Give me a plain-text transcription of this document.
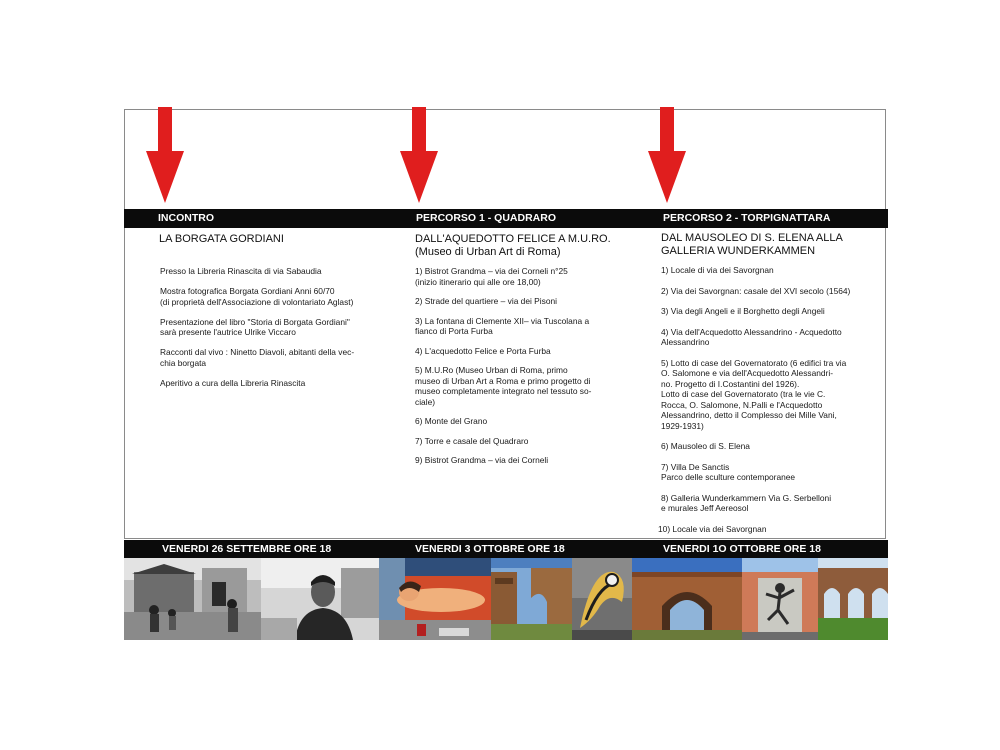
INCONTRO	PERCORSO 1 - QUADRARO	PERCORSO 2 - TORPIGNATTARA
LA BORGATA GORDIANI	DALL'AQUEDOTTO FELICE A M.U.RO.
(Museo di Urban Art di Roma)
DAL MAUSOLEO DI S. ELENA ALLA
GALLERIA WUNDERKAMMEN
Presso la Libreria Rinascita di via Sabaudia
Mostra fotografica Borgata Gordiani Anni 60/70
(di proprietà dell'Associazione di volontariato Aglast)
Presentazione del libro "Storia di Borgata Gordiani"
sarà presente l'autrice Ulrike Viccaro
Racconti dal vivo : Ninetto Diavoli, abitanti della vec-
chia borgata
Aperitivo a cura della Libreria Rinascita
1) Bistrot Grandma – via dei Corneli n°25
(inizio itinerario qui alle ore 18,00)
2) Strade del quartiere – via dei Pisoni
3) La fontana di Clemente XII– via Tuscolana a
fianco di Porta Furba
4) L'acquedotto Felice e Porta Furba
5) M.U.Ro (Museo Urban di Roma, primo
museo di Urban Art a Roma e primo progetto di
museo completamente integrato nel tessuto so-
ciale)
6) Monte del Grano
7) Torre e casale del Quadraro
9) Bistrot Grandma – via dei Corneli
1) Locale di via dei Savorgnan
2) Via dei Savorgnan: casale del XVI secolo (1564)
3) Via degli Angeli e il Borghetto degli Angeli
4) Via dell'Acquedotto Alessandrino - Acquedotto
Alessandrino
5) Lotto di case del Governatorato (6 edifici tra via
O. Salomone e via dell'Acquedotto Alessandri-
no. Progetto di I.Costantini del 1926).
Lotto di case del Governatorato (tra le vie C.
Rocca, O. Salomone, N.Palli e l'Acquedotto
Alessandrino, detto il Complesso dei Mille Vani,
1929-1931)
6) Mausoleo di S. Elena
7) Villa De Sanctis
Parco delle sculture contemporanee
8) Galleria Wunderkammern Via G. Serbelloni
e murales Jeff Aereosol
10) Locale via dei Savorgnan
VENERDI 26 SETTEMBRE ORE 18	VENERDI 3 OTTOBRE ORE 18	VENERDI 1O OTTOBRE ORE 18
